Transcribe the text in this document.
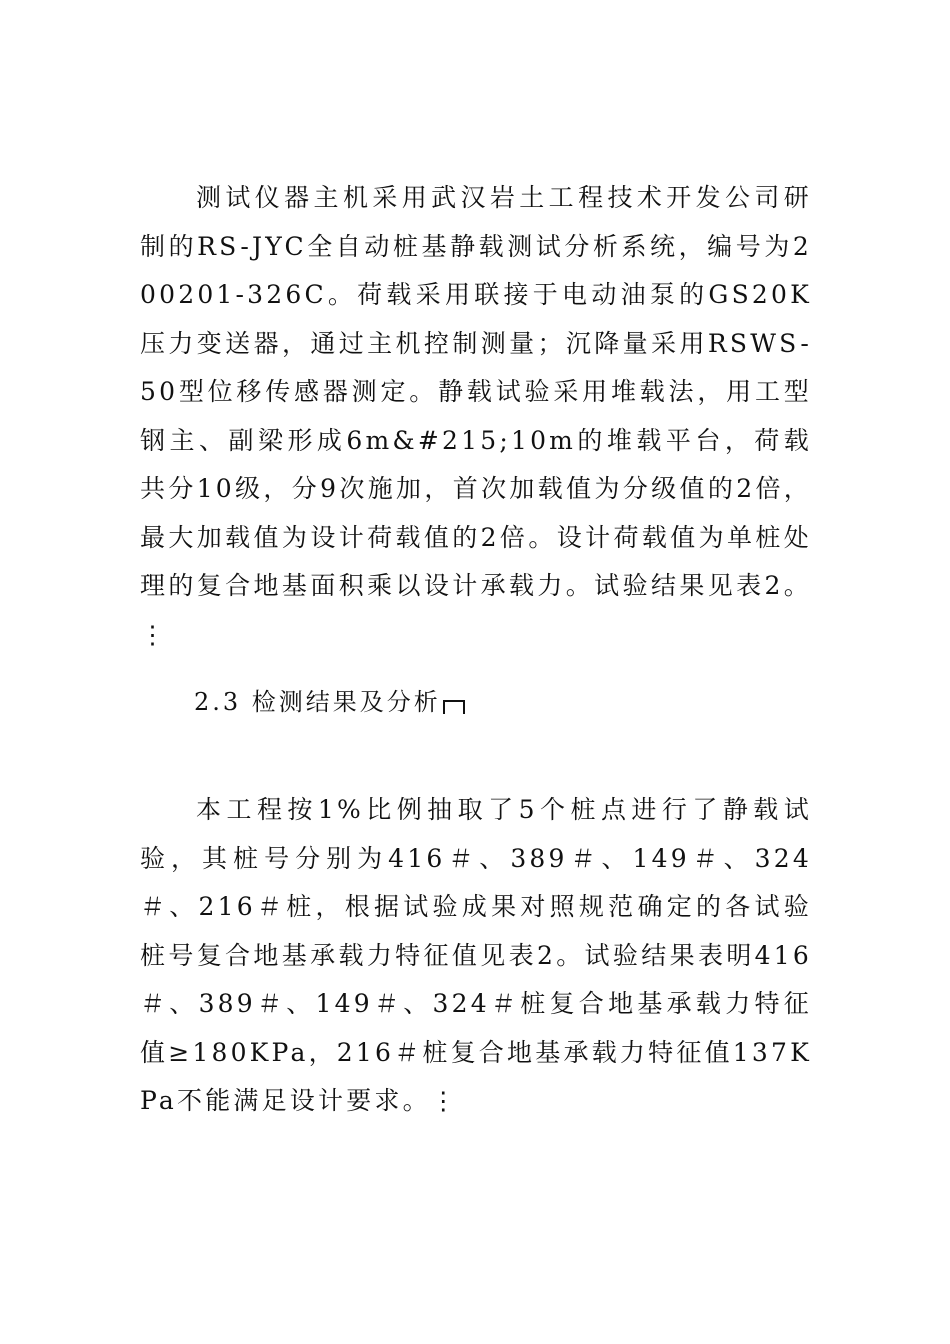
测试仪器主机采用武汉岩土工程技术开发公司研制的RS-JYC全自动桩基静载测试分析系统，编号为200201-326C。荷载采用联接于电动油泵的GS20K压力变送器，通过主机控制测量；沉降量采用RSWS-50型位移传感器测定。静载试验采用堆载法，用工型钢主、副梁形成6m&#215;10m的堆载平台，荷载共分10级，分9次施加，首次加载值为分级值的2倍，最大加载值为设计荷载值的2倍。设计荷载值为单桩处理的复合地基面积乘以设计承载力。试验结果见表2。⋮

2.3 检测结果及分析

本工程按1%比例抽取了5个桩点进行了静载试验，其桩号分别为416＃、389＃、149＃、324＃、216＃桩，根据试验成果对照规范确定的各试验桩号复合地基承载力特征值见表2。试验结果表明416＃、389＃、149＃、324＃桩复合地基承载力特征值≥180KPa，216＃桩复合地基承载力特征值137KPa不能满足设计要求。⋮
